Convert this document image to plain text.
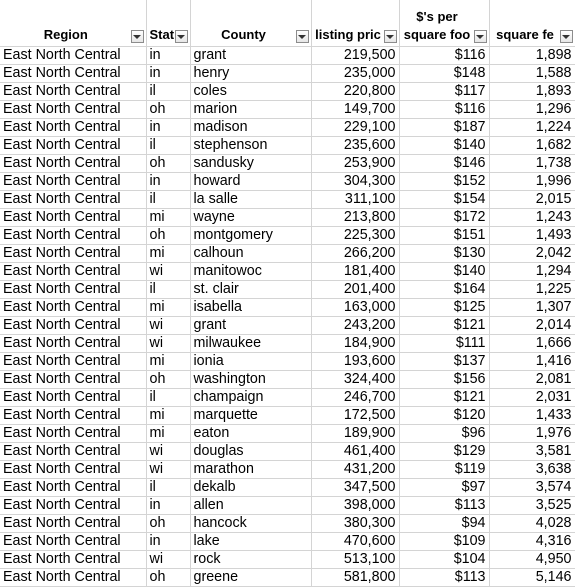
Region	Stat	County	listing pric	$'s per square foo	square fe

East North Central	in	grant	219,500	$116	1,898
East North Central	in	henry	235,000	$148	1,588
East North Central	il	coles	220,800	$117	1,893
East North Central	oh	marion	149,700	$116	1,296
East North Central	in	madison	229,100	$187	1,224
East North Central	il	stephenson	235,600	$140	1,682
East North Central	oh	sandusky	253,900	$146	1,738
East North Central	in	howard	304,300	$152	1,996
East North Central	il	la salle	311,100	$154	2,015
East North Central	mi	wayne	213,800	$172	1,243
East North Central	oh	montgomery	225,300	$151	1,493
East North Central	mi	calhoun	266,200	$130	2,042
East North Central	wi	manitowoc	181,400	$140	1,294
East North Central	il	st. clair	201,400	$164	1,225
East North Central	mi	isabella	163,000	$125	1,307
East North Central	wi	grant	243,200	$121	2,014
East North Central	wi	milwaukee	184,900	$111	1,666
East North Central	mi	ionia	193,600	$137	1,416
East North Central	oh	washington	324,400	$156	2,081
East North Central	il	champaign	246,700	$121	2,031
East North Central	mi	marquette	172,500	$120	1,433
East North Central	mi	eaton	189,900	$96	1,976
East North Central	wi	douglas	461,400	$129	3,581
East North Central	wi	marathon	431,200	$119	3,638
East North Central	il	dekalb	347,500	$97	3,574
East North Central	in	allen	398,000	$113	3,525
East North Central	oh	hancock	380,300	$94	4,028
East North Central	in	lake	470,600	$109	4,316
East North Central	wi	rock	513,100	$104	4,950
East North Central	oh	greene	581,800	$113	5,146
